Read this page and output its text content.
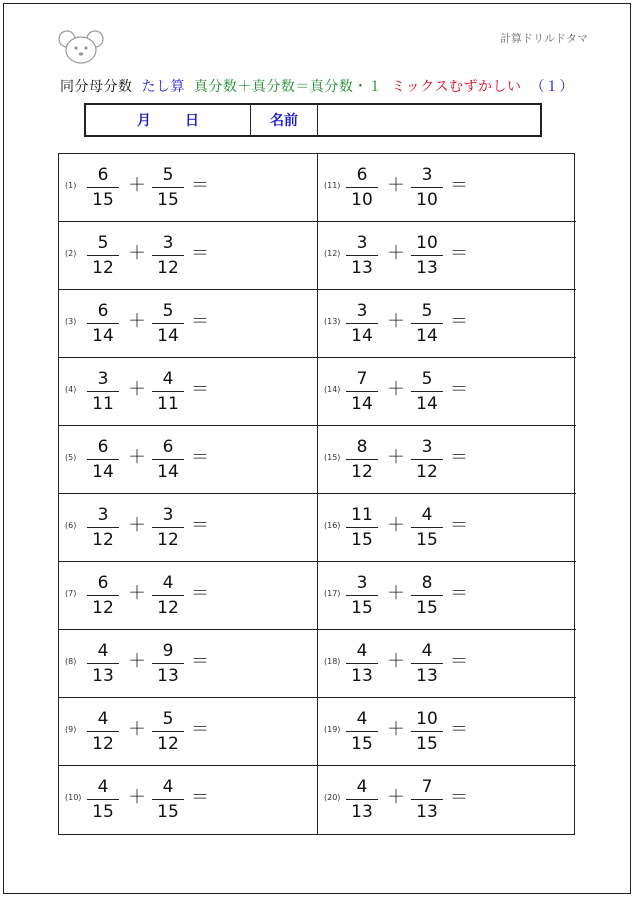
計算ドリルドタマ
同分母分数 たし算 真分数＋真分数＝真分数・１ ミックスむずかしい （１）
月 日	名前
(1)
6
15
＋ 5
15
＝
(2)
5
12
＋ 3
12
＝
(3)
6
14
＋ 5
14
＝
(4)
3
11
＋ 4
11
＝
(5)
6
14
＋ 6
14
＝
(6)
3
12
＋ 3
12
＝
(7)
6
12
＋ 4
12
＝
(8)
4
13
＋ 9
13
＝
(9)
4
12
＋ 5
12
＝
(10)
4
15
＋ 4
15
＝
(11)
6
10
＋ 3
10
＝
(12)
3
13
＋ 10
13
＝
(13)
3
14
＋ 5
14
＝
(14)
7
14
＋ 5
14
＝
(15)
8
12
＋ 3
12
＝
(16)
11
15
＋ 4
15
＝
(17)
3
15
＋ 8
15
＝
(18)
4
13
＋ 4
13
＝
(19)
4
15
＋ 10
15
＝
(20)
4
13
＋ 7
13
＝
